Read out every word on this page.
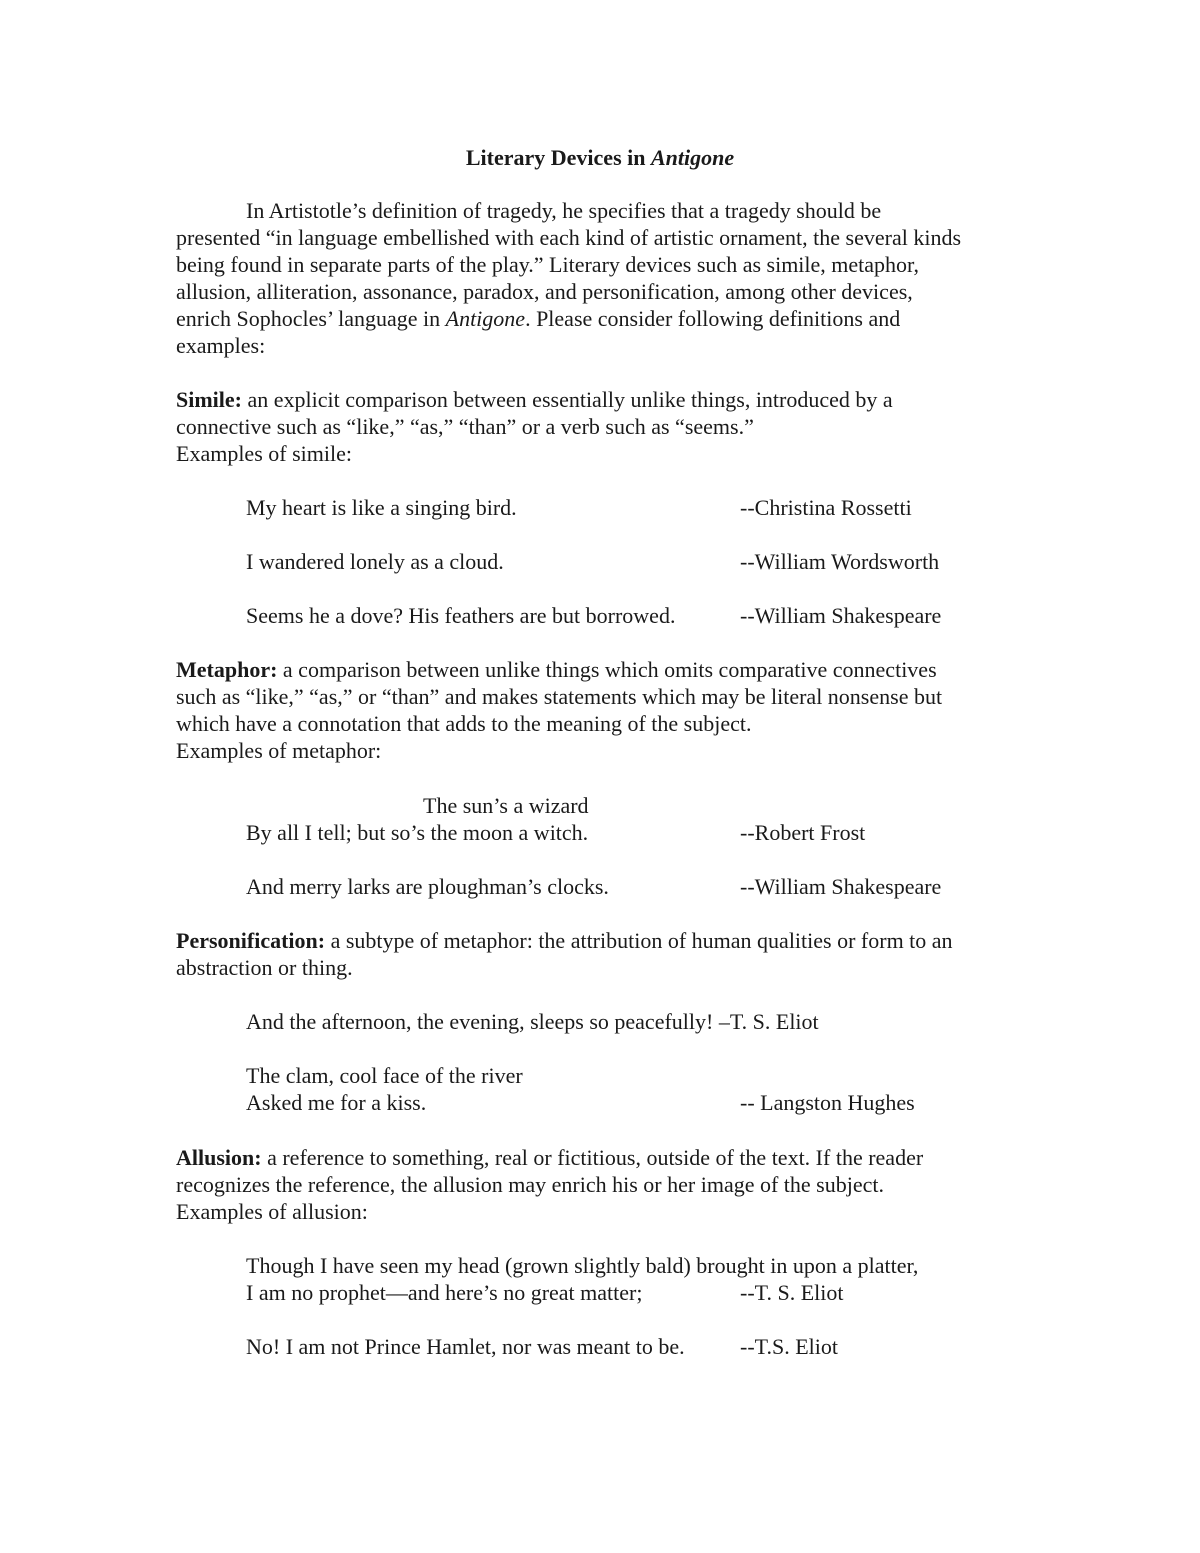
Literary Devices in Antigone
In Artistotle’s definition of tragedy, he specifies that a tragedy should be
presented “in language embellished with each kind of artistic ornament, the several kinds
being found in separate parts of the play.” Literary devices such as simile, metaphor,
allusion, alliteration, assonance, paradox, and personification, among other devices,
enrich Sophocles’ language in Antigone. Please consider following definitions and
examples:
Simile: an explicit comparison between essentially unlike things, introduced by a
connective such as “like,” “as,” “than” or a verb such as “seems.”
Examples of simile:
My heart is like a singing bird.	--Christina Rossetti
I wandered lonely as a cloud.	--William Wordsworth
Seems he a dove? His feathers are but borrowed.	--William Shakespeare
Metaphor: a comparison between unlike things which omits comparative connectives
such as “like,” “as,” or “than” and makes statements which may be literal nonsense but
which have a connotation that adds to the meaning of the subject.
Examples of metaphor:
The sun’s a wizard
By all I tell; but so’s the moon a witch.	--Robert Frost
And merry larks are ploughman’s clocks.	--William Shakespeare
Personification: a subtype of metaphor: the attribution of human qualities or form to an
abstraction or thing.
And the afternoon, the evening, sleeps so peacefully! –T. S. Eliot
The clam, cool face of the river
Asked me for a kiss.	-- Langston Hughes
Allusion: a reference to something, real or fictitious, outside of the text. If the reader
recognizes the reference, the allusion may enrich his or her image of the subject.
Examples of allusion:
Though I have seen my head (grown slightly bald) brought in upon a platter,
I am no prophet—and here’s no great matter;	--T. S. Eliot
No! I am not Prince Hamlet, nor was meant to be.	--T.S. Eliot
